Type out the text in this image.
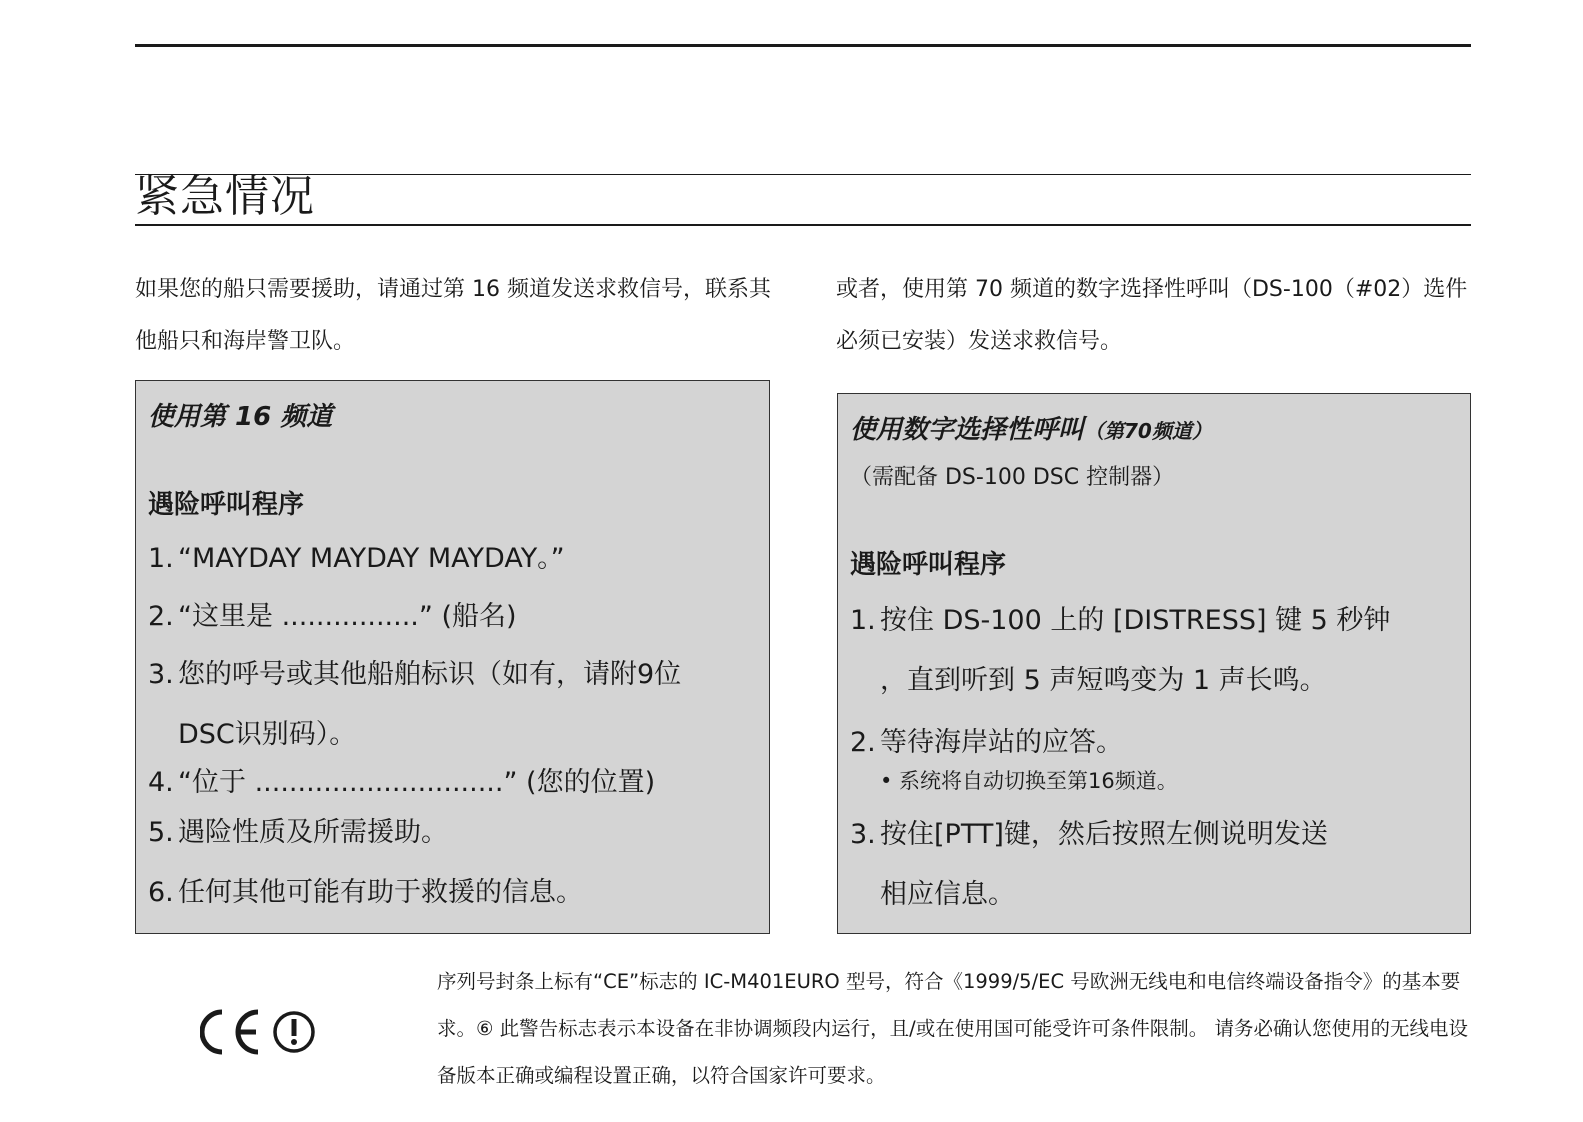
紧急情况

如果您的船只需要援助，请通过第 16 频道发送求救信号，联系其他船只和海岸警卫队。

或者，使用第 70 频道的数字选择性呼叫（DS-100（#02）选件必须已安装）发送求救信号。

使用第 16 频道

遇险呼叫程序

1. “MAYDAY MAYDAY MAYDAY。”
2. “这里是 ................” (船名)
3. 您的呼号或其他船舶标识（如有，请附9位
DSC识别码）。
4. “位于 .............................” (您的位置)
5. 遇险性质及所需援助。
6. 任何其他可能有助于救援的信息。

使用数字选择性呼叫（第70频道）

（需配备 DS-100 DSC 控制器）

遇险呼叫程序

1. 按住 DS-100 上的 [DISTRESS] 键 5 秒钟
，直到听到 5 声短鸣变为 1 声长鸣。
2. 等待海岸站的应答。
• 系统将自动切换至第16频道。
3. 按住[PTT]键，然后按照左侧说明发送
相应信息。

序列号封条上标有“CE”标志的 IC-M401EURO 型号，符合《1999/5/EC 号欧洲无线电和电信终端设备指令》的基本要求。⑥ 此警告标志表示本设备在非协调频段内运行，且/或在使用国可能受许可条件限制。 请务必确认您使用的无线电设备版本正确或编程设置正确，以符合国家许可要求。
